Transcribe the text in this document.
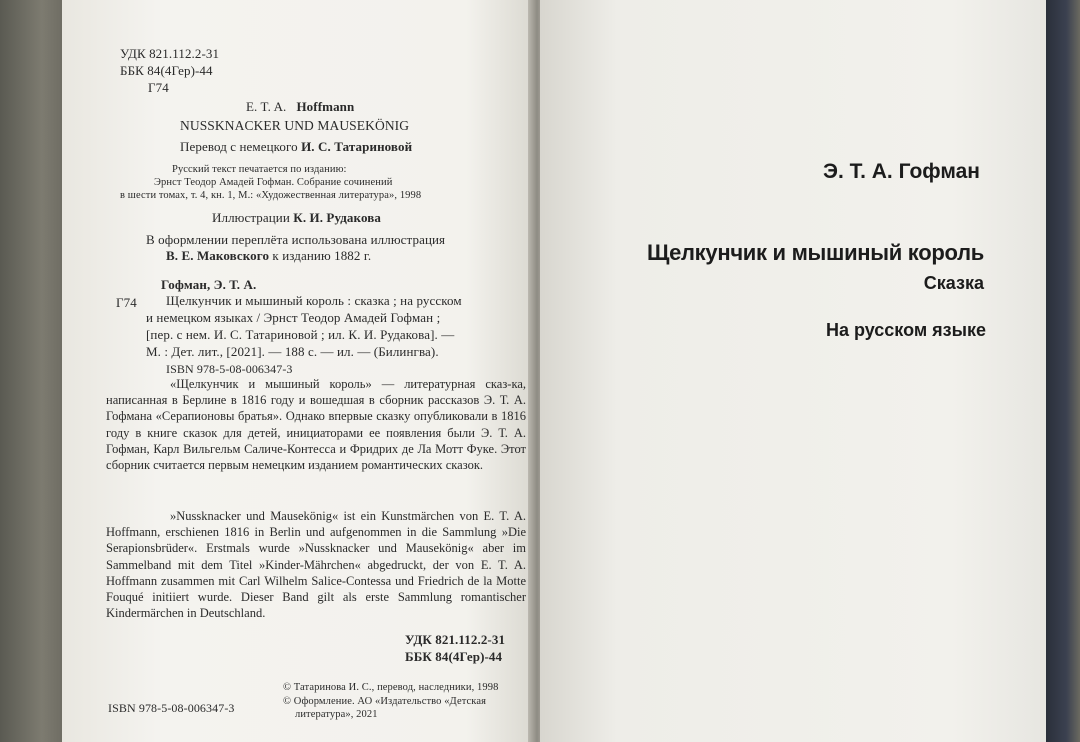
УДК 821.112.2-31
ББК 84(4Гер)-44
Г74
E. T. A. Hoffmann
NUSSKNACKER UND MAUSEKÖNIG
Перевод с немецкого И. С. Татариновой
Русский текст печатается по изданию:
Эрнст Теодор Амадей Гофман. Собрание сочинений
в шести томах, т. 4, кн. 1, М.: «Художественная литература», 1998
Иллюстрации К. И. Рудакова
В оформлении переплёта использована иллюстрация
В. Е. Маковского к изданию 1882 г.
Гофман, Э. Т. А.
Г74 Щелкунчик и мышиный король : сказка ; на русском
и немецком языках / Эрнст Теодор Амадей Гофман ;
[пер. с нем. И. С. Татариновой ; ил. К. И. Рудакова]. —
М. : Дет. лит., [2021]. — 188 с. — ил. — (Билингва).
ISBN 978-5-08-006347-3

«Щелкунчик и мышиный король» — литературная сказ-ка, написанная в Берлине в 1816 году и вошедшая в сборник рассказов Э. Т. А. Гофмана «Серапионовы братья». Однако впервые сказку опубликовали в 1816 году в книге сказок для детей, инициаторами ее появления были Э. Т. А. Гофман, Карл Вильгельм Саличе-Контесса и Фридрих де Ла Мотт Фуке. Этот сборник считается первым немецким изданием романтических сказок.

»Nussknacker und Mausekönig« ist ein Kunstmärchen von E. T. A. Hoffmann, erschienen 1816 in Berlin und aufgenommen in die Sammlung »Die Serapionsbrüder«. Erstmals wurde »Nussknacker und Mausekönig« aber im Sammelband mit dem Titel »Kinder-Mährchen« abgedruckt, der von E. T. A. Hoffmann zusammen mit Carl Wilhelm Salice-Contessa und Friedrich de la Motte Fouqué initiiert wurde. Dieser Band gilt als erste Sammlung romantischer Kindermärchen in Deutschland.

УДК 821.112.2-31
ББК 84(4Гер)-44
ISBN 978-5-08-006347-3
© Татаринова И. С., перевод, наследники, 1998
© Оформление. АО «Издательство «Детская
литература», 2021
Э. Т. А. Гофман
Щелкунчик и мышиный король
Сказка
На русском языке
